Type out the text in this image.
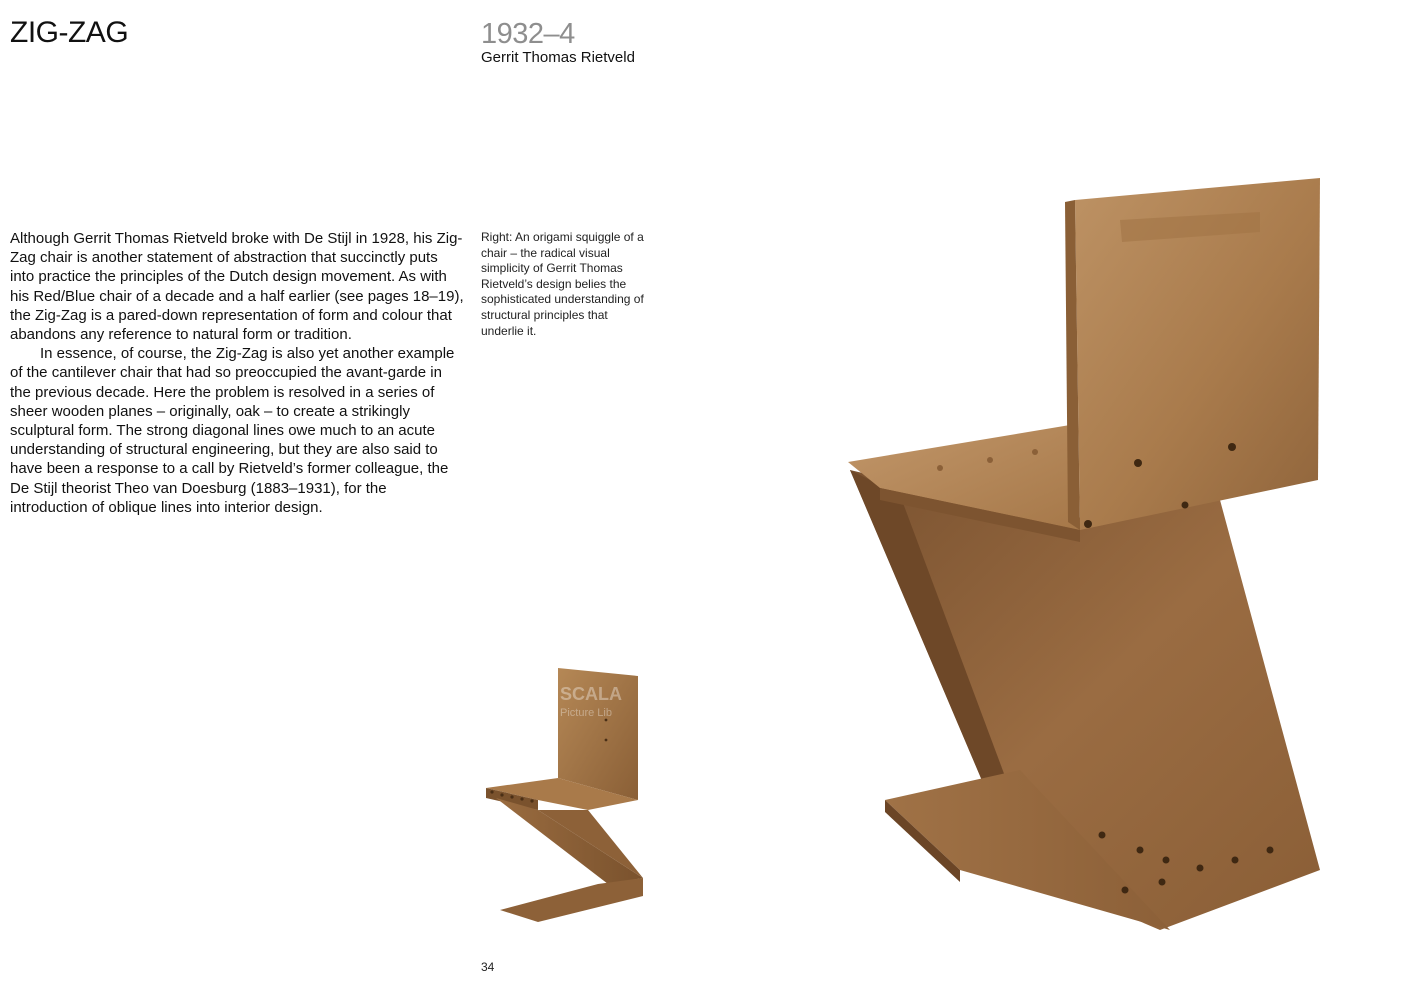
ZIG-ZAG	1932–4
Gerrit Thomas Rietveld

Although Gerrit Thomas Rietveld broke with De Stijl in 1928, his Zig-Zag chair is another statement of abstraction that succinctly puts into practice the principles of the Dutch design movement. As with his Red/Blue chair of a decade and a half earlier (see pages 18–19), the Zig-Zag is a pared-down representation of form and colour that abandons any reference to natural form or tradition.

In essence, of course, the Zig-Zag is also yet another example of the cantilever chair that had so preoccupied the avant-garde in the previous decade. Here the problem is resolved in a series of sheer wooden planes – originally, oak – to create a strikingly sculptural form. The strong diagonal lines owe much to an acute understanding of structural engineering, but they are also said to have been a response to a call by Rietveld’s former colleague, the De Stijl theorist Theo van Doesburg (1883–1931), for the introduction of oblique lines into interior design.

Right: An origami squiggle of a chair – the radical visual simplicity of Gerrit Thomas Rietveld’s design belies the sophisticated understanding of structural principles that underlie it.
SCALA
Picture Lib
34
